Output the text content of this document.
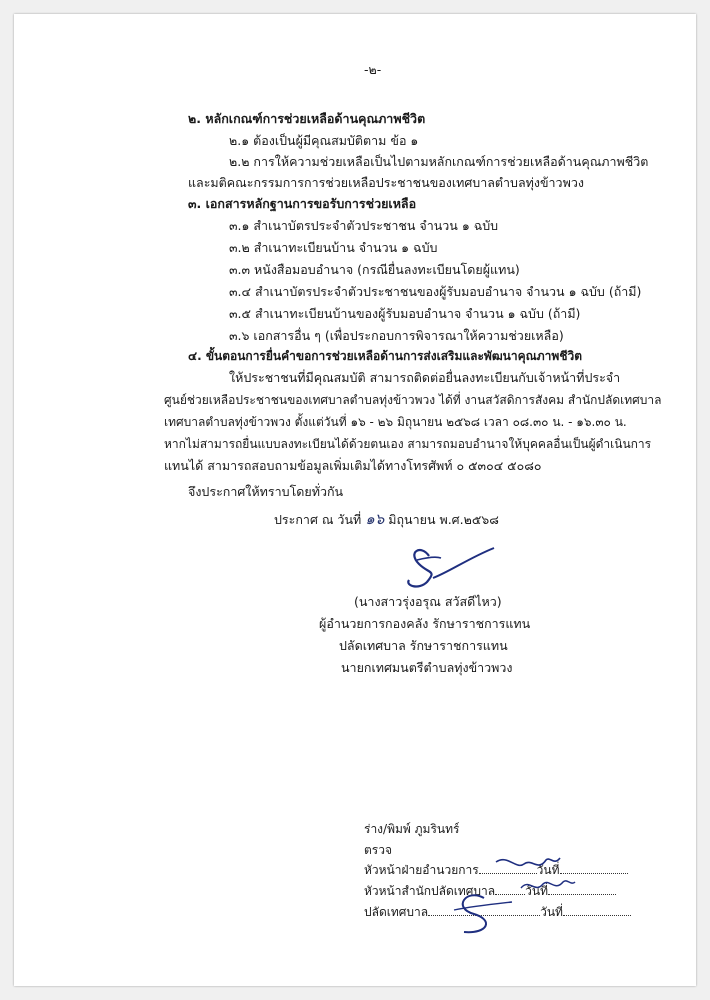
-๒-
๒. หลักเกณฑ์การช่วยเหลือด้านคุณภาพชีวิต
๒.๑ ต้องเป็นผู้มีคุณสมบัติตาม ข้อ ๑
๒.๒ การให้ความช่วยเหลือเป็นไปตามหลักเกณฑ์การช่วยเหลือด้านคุณภาพชีวิต
และมติคณะกรรมการการช่วยเหลือประชาชนของเทศบาลตำบลทุ่งข้าวพวง
๓. เอกสารหลักฐานการขอรับการช่วยเหลือ
๓.๑ สำเนาบัตรประจำตัวประชาชน จำนวน ๑ ฉบับ
๓.๒ สำเนาทะเบียนบ้าน จำนวน ๑ ฉบับ
๓.๓ หนังสือมอบอำนาจ (กรณียื่นลงทะเบียนโดยผู้แทน)
๓.๔ สำเนาบัตรประจำตัวประชาชนของผู้รับมอบอำนาจ จำนวน ๑ ฉบับ (ถ้ามี)
๓.๕ สำเนาทะเบียนบ้านของผู้รับมอบอำนาจ จำนวน ๑ ฉบับ (ถ้ามี)
๓.๖ เอกสารอื่น ๆ (เพื่อประกอบการพิจารณาให้ความช่วยเหลือ)
๔. ขั้นตอนการยื่นคำขอการช่วยเหลือด้านการส่งเสริมและพัฒนาคุณภาพชีวิต
ให้ประชาชนที่มีคุณสมบัติ สามารถติดต่อยื่นลงทะเบียนกับเจ้าหน้าที่ประจำ
ศูนย์ช่วยเหลือประชาชนของเทศบาลตำบลทุ่งข้าวพวง ได้ที่ งานสวัสดิการสังคม สำนักปลัดเทศบาล
เทศบาลตำบลทุ่งข้าวพวง ตั้งแต่วันที่ ๑๖ - ๒๖ มิถุนายน ๒๕๖๘ เวลา ๐๘.๓๐ น. - ๑๖.๓๐ น.
หากไม่สามารถยื่นแบบลงทะเบียนได้ด้วยตนเอง สามารถมอบอำนาจให้บุคคลอื่นเป็นผู้ดำเนินการ
แทนได้ สามารถสอบถามข้อมูลเพิ่มเติมได้ทางโทรศัพท์ ๐ ๕๓๐๔ ๕๐๘๐
จึงประกาศให้ทราบโดยทั่วกัน
ประกาศ ณ วันที่ ๑๖ มิถุนายน พ.ศ.๒๕๖๘
(นางสาวรุ่งอรุณ สวัสดีไหว)
ผู้อำนวยการกองคลัง รักษาราชการแทน
ปลัดเทศบาล รักษาราชการแทน
นายกเทศมนตรีตำบลทุ่งข้าวพวง
ร่าง/พิมพ์ ภูมรินทร์
ตรวจ
หัวหน้าฝ่ายอำนวยการ	วันที่
หัวหน้าสำนักปลัดเทศบาล	วันที่
ปลัดเทศบาล	วันที่
